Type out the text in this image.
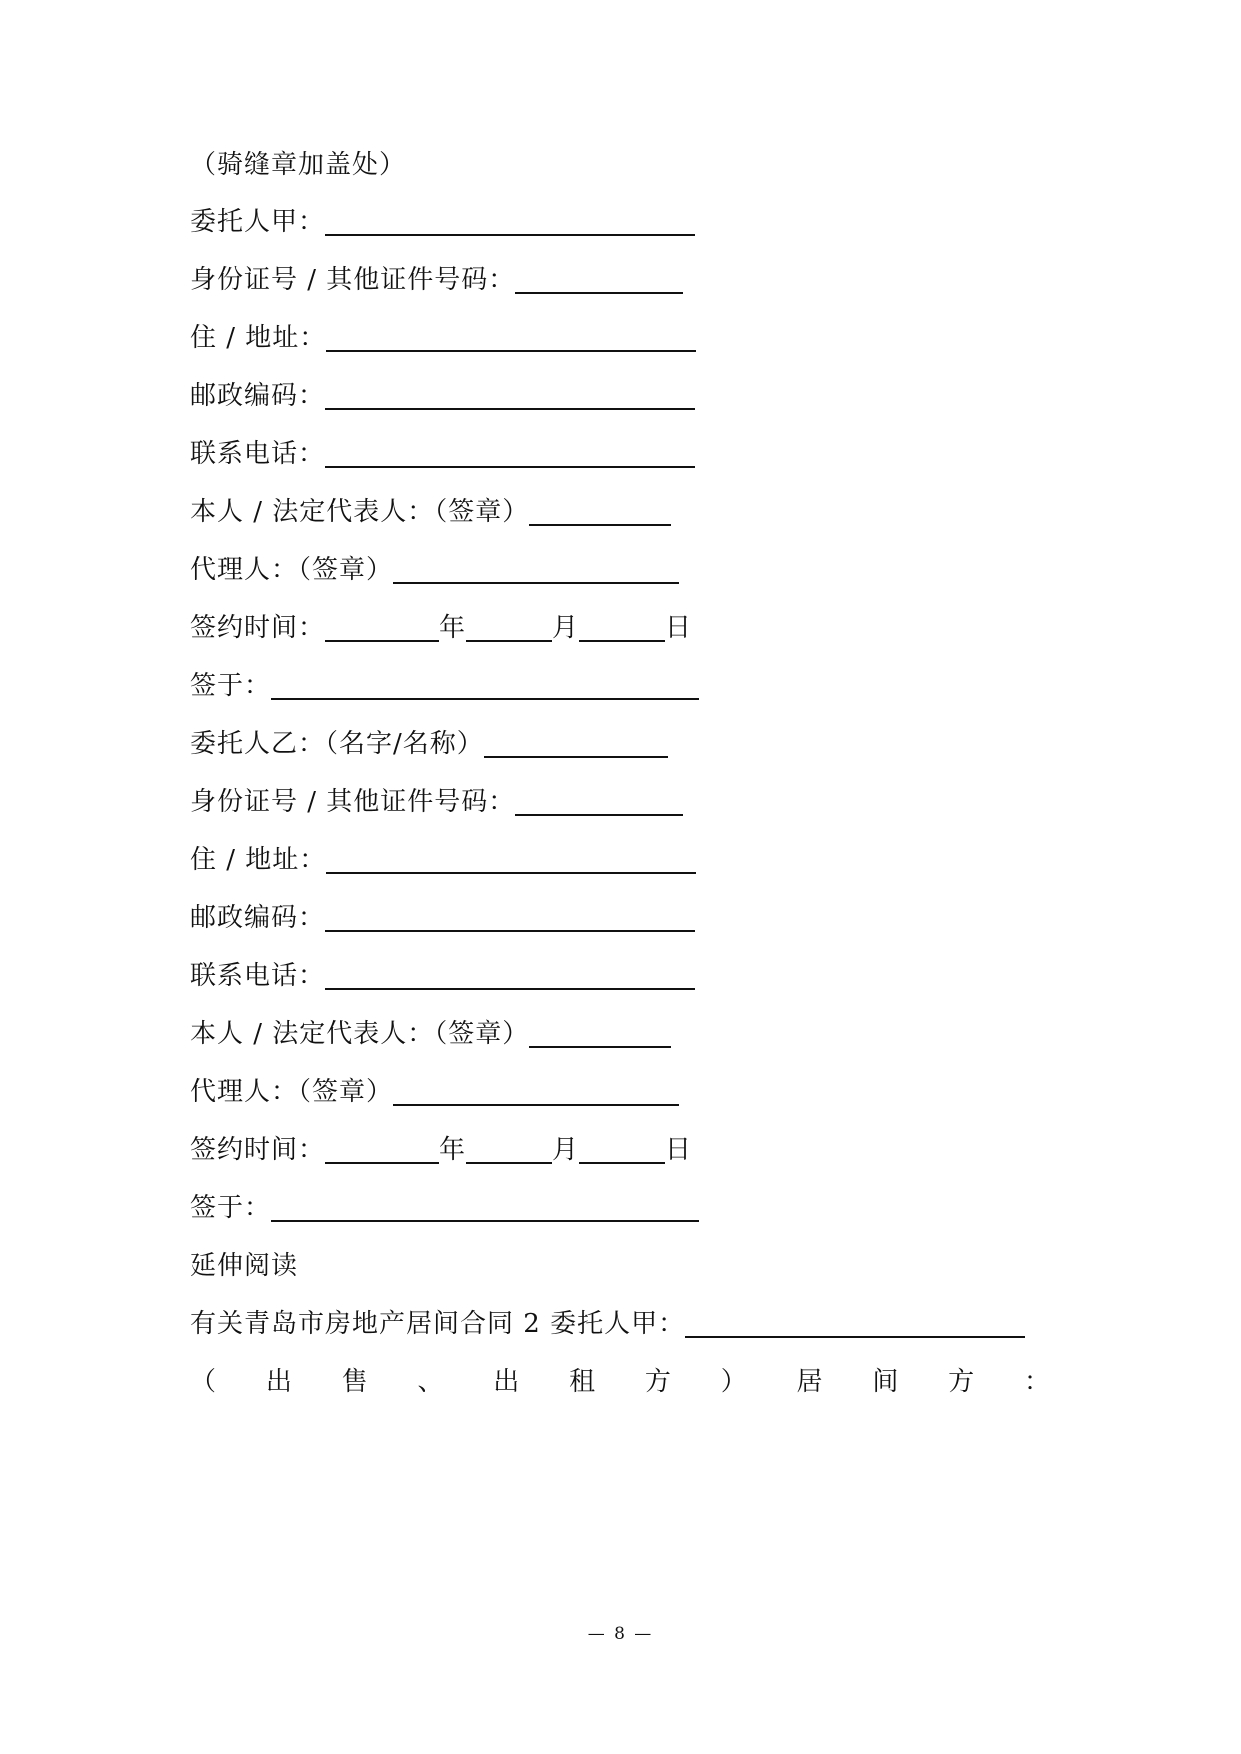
（骑缝章加盖处）
委托人甲：
身份证号 / 其他证件号码：
住 / 地址：
邮政编码：
联系电话：
本人 / 法定代表人：（签章）
代理人：（签章）
签约时间：	年	月	日
签于：
委托人乙：（名字/名称）
身份证号 / 其他证件号码：
住 / 地址：
邮政编码：
联系电话：
本人 / 法定代表人：（签章）
代理人：（签章）
签约时间：	年	月	日
签于：
延伸阅读
有关青岛市房地产居间合同 2 委托人甲：
（ 出 售 、 出 租 方 ） 居 间 方 ：
— 8 —
